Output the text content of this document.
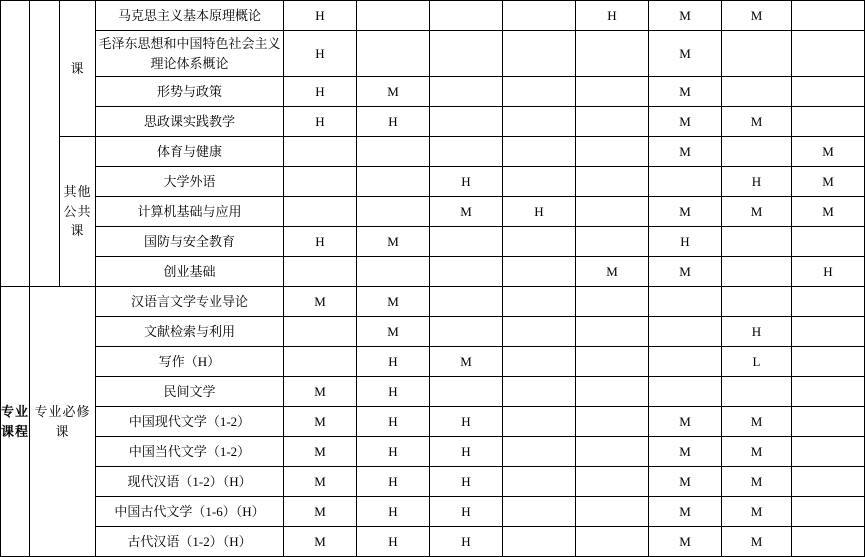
		课	马克思主义基本原理概论	H				H	M	M	
			毛泽东思想和中国特色社会主义理论体系概论	H					M		
			形势与政策	H	M				M		
			思政课实践教学	H	H				M	M	

		其他
公共
课	体育与健康						M		M
			大学外语			H				H	M
			计算机基础与应用			M	H		M	M	M
			国防与安全教育	H	M				H		
			创业基础					M	M		H

专业
课程	专业必修课		汉语言文学专业导论	M	M						
			文献检索与利用		M					H	
			写作（H）		H	M				L	
			民间文学	M	H						
			中国现代文学（1-2）	M	H	H			M	M	
			中国当代文学（1-2）	M	H	H			M	M	
			现代汉语（1-2）（H）	M	H	H			M	M	
			中国古代文学（1-6）（H）	M	H	H			M	M	
			古代汉语（1-2）（H）	M	H	H			M	M	
